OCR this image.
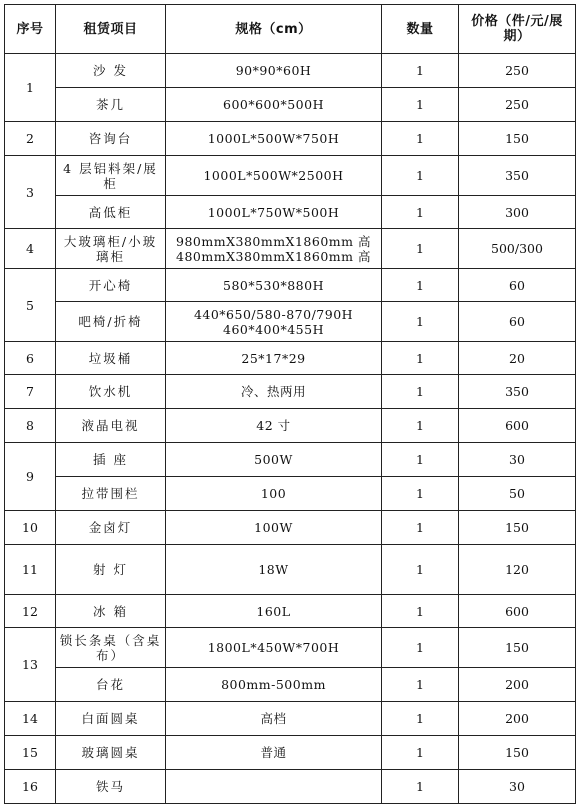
序号	租赁项目	规格（cm）	数量	价格（件/元/展期）
1	沙 发	90*90*60H	1	250
	茶几	600*600*500H	1	250
2	咨询台	1000L*500W*750H	1	150
3	4 层铝料架/展柜	1000L*500W*2500H	1	350
	高低柜	1000L*750W*500H	1	300
4	大玻璃柜/小玻璃柜	980mmX380mmX1860mm 高 480mmX380mmX1860mm 高	1	500/300
5	开心椅	580*530*880H	1	60
	吧椅/折椅	440*650/580-870/790H 460*400*455H	1	60
6	垃圾桶	25*17*29	1	20
7	饮水机	冷、热两用	1	350
8	液晶电视	42 寸	1	600
9	插 座	500W	1	30
	拉带围栏	100	1	50
10	金卤灯	100W	1	150
11	射 灯	18W	1	120
12	冰 箱	160L	1	600
13	锁长条桌（含桌布）	1800L*450W*700H	1	150
	台花	800mm-500mm	1	200
14	白面圆桌	高档	1	200
15	玻璃圆桌	普通	1	150
16	铁马		1	30
